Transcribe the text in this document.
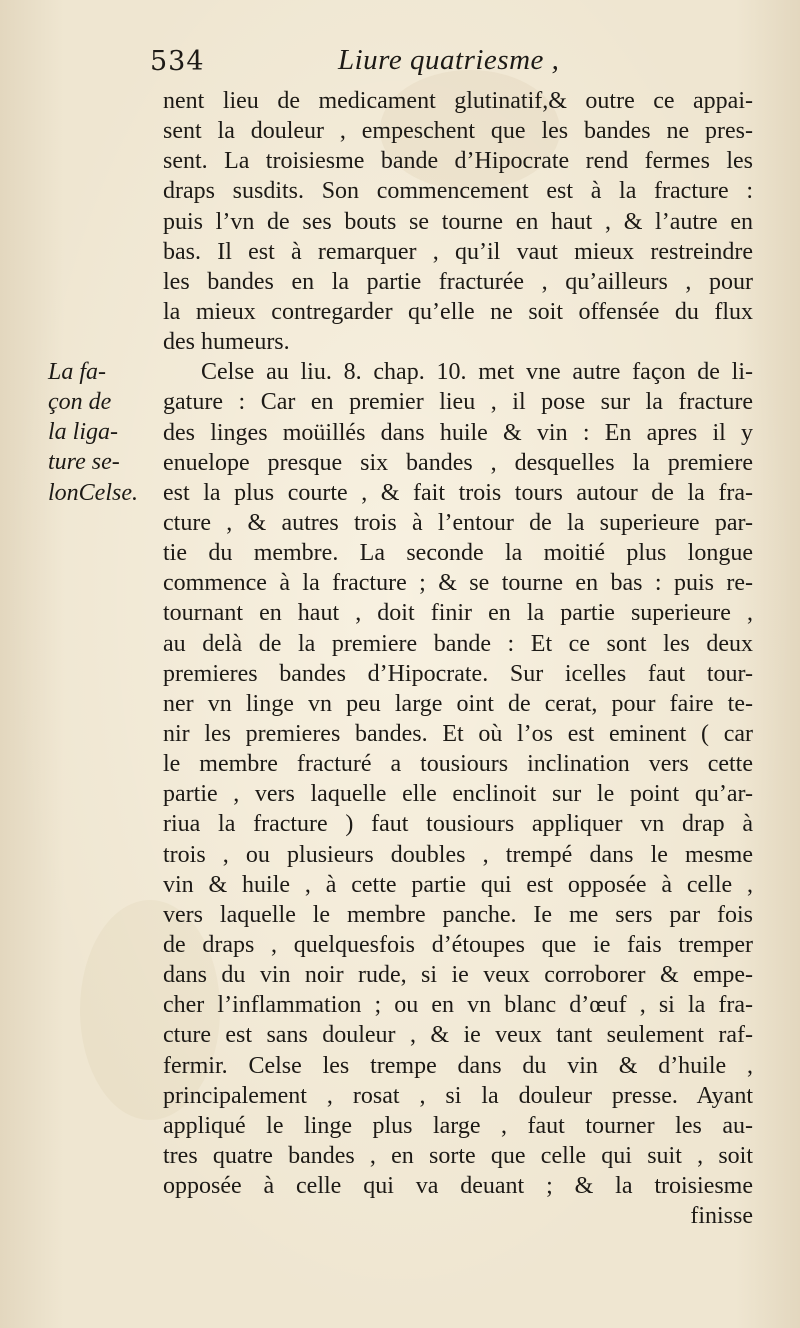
534	Liure quatriesme ,
La fa-
çon de
la liga-
ture se-
lonCelse.
nent lieu de medicament glutinatif,& outre ce appai-
sent la douleur , empeschent que les bandes ne pres-
sent. La troisiesme bande d’Hipocrate rend fermes les
draps susdits. Son commencement est à la fracture :
puis l’vn de ses bouts se tourne en haut , & l’autre en
bas. Il est à remarquer , qu’il vaut mieux restreindre
les bandes en la partie fracturée , qu’ailleurs , pour
la mieux contregarder qu’elle ne soit offensée du flux
des humeurs.
Celse au liu. 8. chap. 10. met vne autre façon de li-
gature : Car en premier lieu , il pose sur la fracture
des linges moüillés dans huile & vin : En apres il y
enuelope presque six bandes , desquelles la premiere
est la plus courte , & fait trois tours autour de la fra-
cture , & autres trois à l’entour de la superieure par-
tie du membre. La seconde la moitié plus longue
commence à la fracture ; & se tourne en bas : puis re-
tournant en haut , doit finir en la partie superieure ,
au delà de la premiere bande : Et ce sont les deux
premieres bandes d’Hipocrate. Sur icelles faut tour-
ner vn linge vn peu large oint de cerat, pour faire te-
nir les premieres bandes. Et où l’os est eminent ( car
le membre fracturé a tousiours inclination vers cette
partie , vers laquelle elle enclinoit sur le point qu’ar-
riua la fracture ) faut tousiours appliquer vn drap à
trois , ou plusieurs doubles , trempé dans le mesme
vin & huile , à cette partie qui est opposée à celle ,
vers laquelle le membre panche. Ie me sers par fois
de draps , quelquesfois d’étoupes que ie fais tremper
dans du vin noir rude, si ie veux corroborer & empe-
cher l’inflammation ; ou en vn blanc d’œuf , si la fra-
cture est sans douleur , & ie veux tant seulement raf-
fermir. Celse les trempe dans du vin & d’huile ,
principalement , rosat , si la douleur presse. Ayant
appliqué le linge plus large , faut tourner les au-
tres quatre bandes , en sorte que celle qui suit , soit
opposée à celle qui va deuant ; & la troisiesme
finisse
